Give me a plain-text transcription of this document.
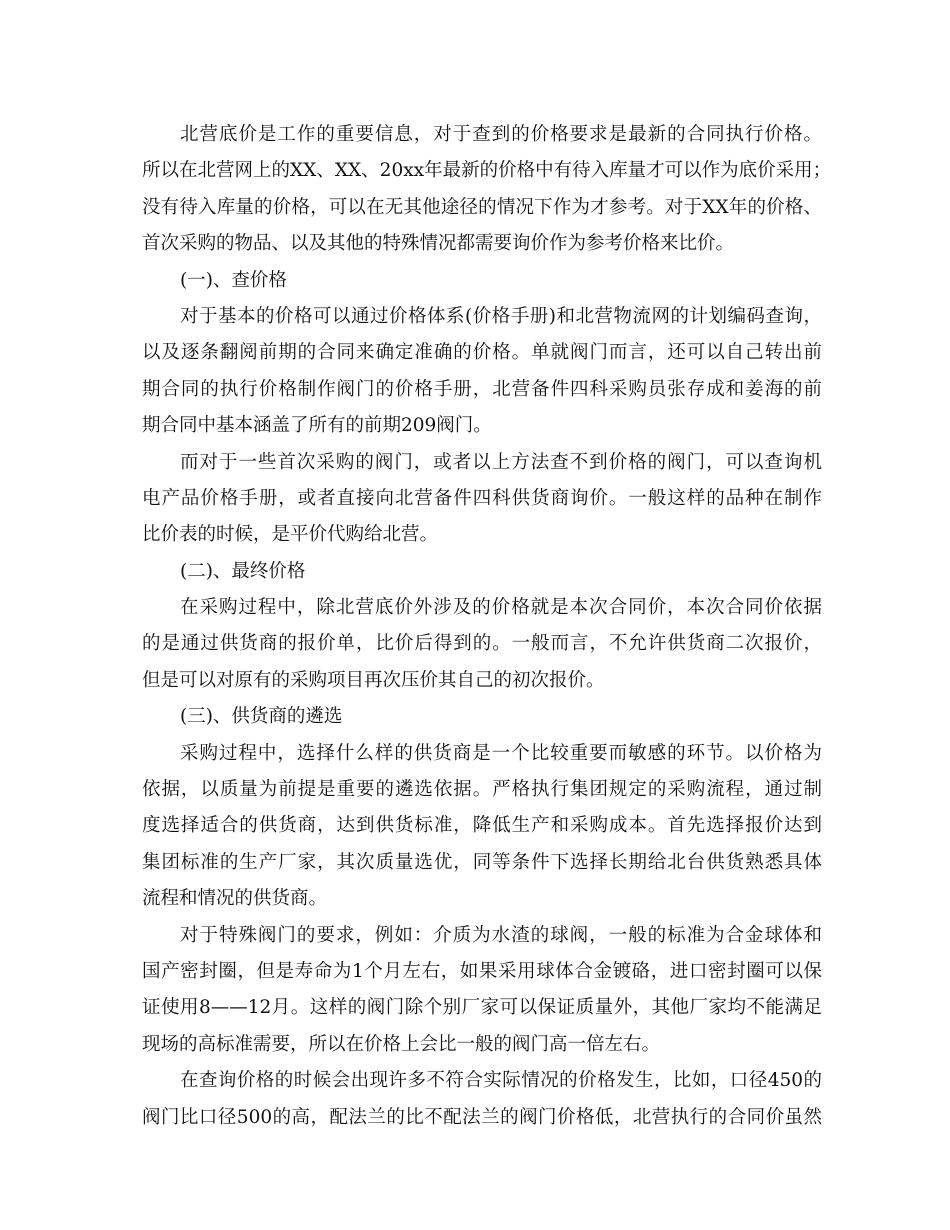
北营底价是工作的重要信息，对于查到的价格要求是最新的合同执行价格。
所以在北营网上的XX、XX、20xx年最新的价格中有待入库量才可以作为底价采用；
没有待入库量的价格，可以在无其他途径的情况下作为才参考。对于XX年的价格、
首次采购的物品、以及其他的特殊情况都需要询价作为参考价格来比价。
(一)、查价格
对于基本的价格可以通过价格体系(价格手册)和北营物流网的计划编码查询，
以及逐条翻阅前期的合同来确定准确的价格。单就阀门而言，还可以自己转出前
期合同的执行价格制作阀门的价格手册，北营备件四科采购员张存成和姜海的前
期合同中基本涵盖了所有的前期209阀门。
而对于一些首次采购的阀门，或者以上方法查不到价格的阀门，可以查询机
电产品价格手册，或者直接向北营备件四科供货商询价。一般这样的品种在制作
比价表的时候，是平价代购给北营。
(二)、最终价格
在采购过程中，除北营底价外涉及的价格就是本次合同价，本次合同价依据
的是通过供货商的报价单，比价后得到的。一般而言，不允许供货商二次报价，
但是可以对原有的采购项目再次压价其自己的初次报价。
(三)、供货商的遴选
采购过程中，选择什么样的供货商是一个比较重要而敏感的环节。以价格为
依据，以质量为前提是重要的遴选依据。严格执行集团规定的采购流程，通过制
度选择适合的供货商，达到供货标准，降低生产和采购成本。首先选择报价达到
集团标准的生产厂家，其次质量选优，同等条件下选择长期给北台供货熟悉具体
流程和情况的供货商。
对于特殊阀门的要求，例如：介质为水渣的球阀，一般的标准为合金球体和
国产密封圈，但是寿命为1个月左右，如果采用球体合金镀硌，进口密封圈可以保
证使用8——12月。这样的阀门除个别厂家可以保证质量外，其他厂家均不能满足
现场的高标准需要，所以在价格上会比一般的阀门高一倍左右。
在查询价格的时候会出现许多不符合实际情况的价格发生，比如，口径450的
阀门比口径500的高，配法兰的比不配法兰的阀门价格低，北营执行的合同价虽然
